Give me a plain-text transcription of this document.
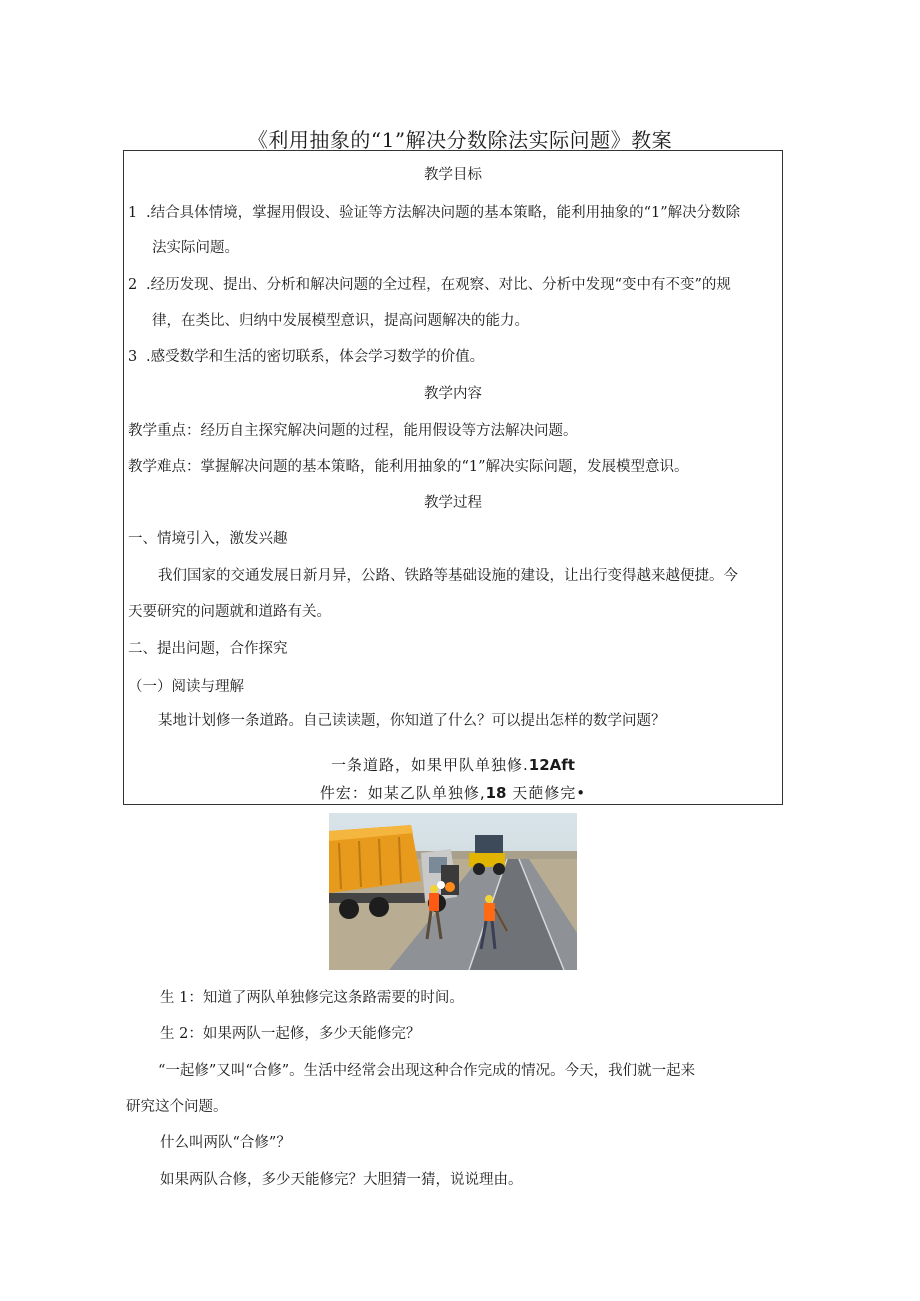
《利用抽象的“1”解决分数除法实际问题》教案
教学目标
1 .结合具体情境，掌握用假设、验证等方法解决问题的基本策略，能利用抽象的“1”解决分数除
法实际问题。
2 .经历发现、提出、分析和解决问题的全过程，在观察、对比、分析中发现“变中有不变”的规
律，在类比、归纳中发展模型意识，提高问题解决的能力。
3 .感受数学和生活的密切联系，体会学习数学的价值。
教学内容
教学重点：经历自主探究解决问题的过程，能用假设等方法解决问题。
教学难点：掌握解决问题的基本策略，能利用抽象的“1”解决实际问题，发展模型意识。
教学过程
一、情境引入，激发兴趣
我们国家的交通发展日新月异，公路、铁路等基础设施的建设，让出行变得越来越便捷。今
天要研究的问题就和道路有关。
二、提出问题，合作探究
（一）阅读与理解
某地计划修一条道路。自己读读题，你知道了什么？可以提出怎样的数学问题？
一条道路，如果甲队单独修.12Aft
件宏：如某乙队单独修,18 天葩修完•
生 1：知道了两队单独修完这条路需要的时间。
生 2：如果两队一起修，多少天能修完？
“一起修”又叫“合修”。生活中经常会出现这种合作完成的情况。今天，我们就一起来
研究这个问题。
什么叫两队“合修”？
如果两队合修，多少天能修完？大胆猜一猜，说说理由。
